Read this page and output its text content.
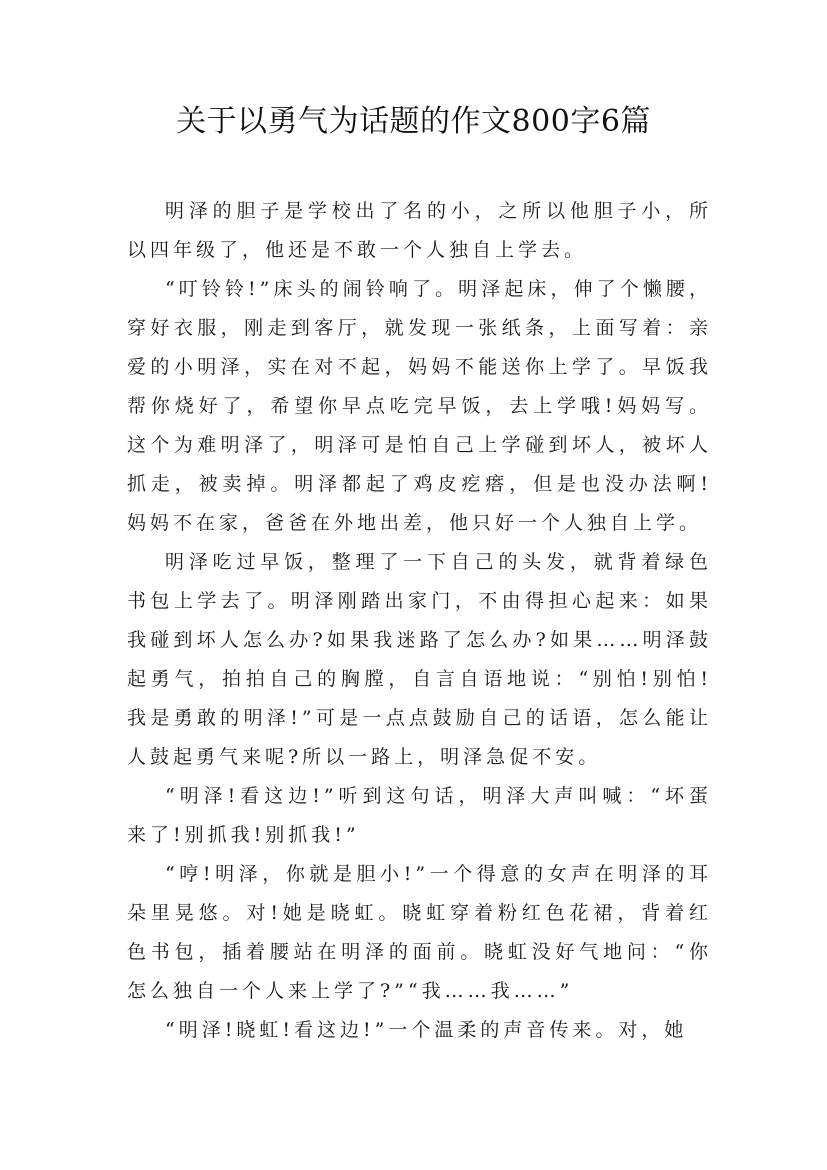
关于以勇气为话题的作文800字6篇

明泽的胆子是学校出了名的小，之所以他胆子小，所以四年级了，他还是不敢一个人独自上学去。

“叮铃铃!”床头的闹铃响了。明泽起床，伸了个懒腰，穿好衣服，刚走到客厅，就发现一张纸条，上面写着：亲爱的小明泽，实在对不起，妈妈不能送你上学了。早饭我帮你烧好了，希望你早点吃完早饭，去上学哦!妈妈写。这个为难明泽了，明泽可是怕自己上学碰到坏人，被坏人抓走，被卖掉。明泽都起了鸡皮疙瘩，但是也没办法啊!妈妈不在家，爸爸在外地出差，他只好一个人独自上学。

明泽吃过早饭，整理了一下自己的头发，就背着绿色书包上学去了。明泽刚踏出家门，不由得担心起来：如果我碰到坏人怎么办?如果我迷路了怎么办?如果……明泽鼓起勇气，拍拍自己的胸膛，自言自语地说：“别怕!别怕!我是勇敢的明泽!”可是一点点鼓励自己的话语，怎么能让人鼓起勇气来呢?所以一路上，明泽急促不安。

“明泽!看这边!”听到这句话，明泽大声叫喊：“坏蛋来了!别抓我!别抓我!”

“哼!明泽，你就是胆小!”一个得意的女声在明泽的耳朵里晃悠。对!她是晓虹。晓虹穿着粉红色花裙，背着红色书包，插着腰站在明泽的面前。晓虹没好气地问：“你怎么独自一个人来上学了?”“我……我……”

“明泽!晓虹!看这边!”一个温柔的声音传来。对，她
